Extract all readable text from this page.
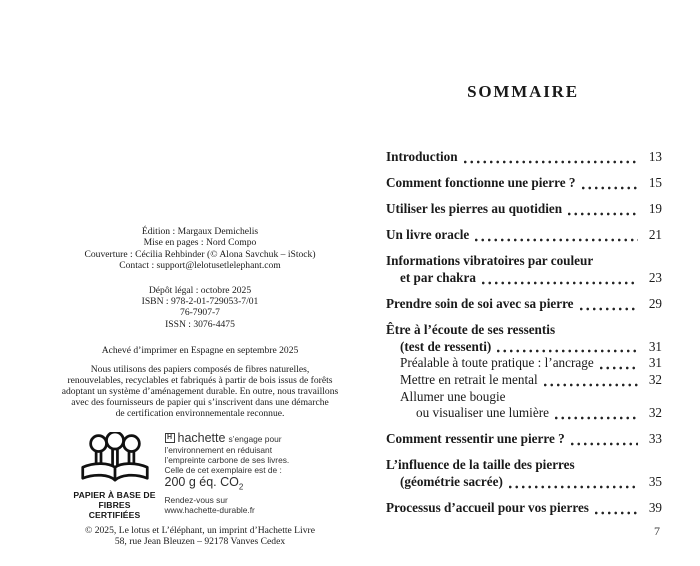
Édition : Margaux Demichelis
Mise en pages : Nord Compo
Couverture : Cécilia Rehbinder (© Alona Savchuk – iStock)
Contact : support@lelotusetlelephant.com
Dépôt légal : octobre 2025
ISBN : 978-2-01-729053-7/01
76-7907-7
ISSN : 3076-4475
Achevé d’imprimer en Espagne en septembre 2025
Nous utilisons des papiers composés de fibres naturelles,
renouvelables, recyclables et fabriqués à partir de bois issus de forêts
adoptant un système d’aménagement durable. En outre, nous travaillons
avec des fournisseurs de papier qui s’inscrivent dans une démarche
de certification environnementale reconnue.
PAPIER À BASE DE
FIBRES CERTIFIÉES
H hachette s’engage pour
l’environnement en réduisant
l’empreinte carbone de ses livres.
Celle de cet exemplaire est de :
200 g éq. $CO_2$
Rendez-vous sur
www.hachette-durable.fr
© 2025, Le lotus et L’éléphant, un imprint d’Hachette Livre
58, rue Jean Bleuzen – 92178 Vanves Cedex
SOMMAIRE
Introduction	13
Comment fonctionne une pierre ?	15
Utiliser les pierres au quotidien	19
Un livre oracle	21
Informations vibratoires par couleur
et par chakra	23
Prendre soin de soi avec sa pierre	29
Être à l’écoute de ses ressentis
(test de ressenti)	31
Préalable à toute pratique : l’ancrage	31
Mettre en retrait le mental	32
Allumer une bougie
ou visualiser une lumière	32
Comment ressentir une pierre ?	33
L’influence de la taille des pierres
(géométrie sacrée)	35
Processus d’accueil pour vos pierres	39
7
